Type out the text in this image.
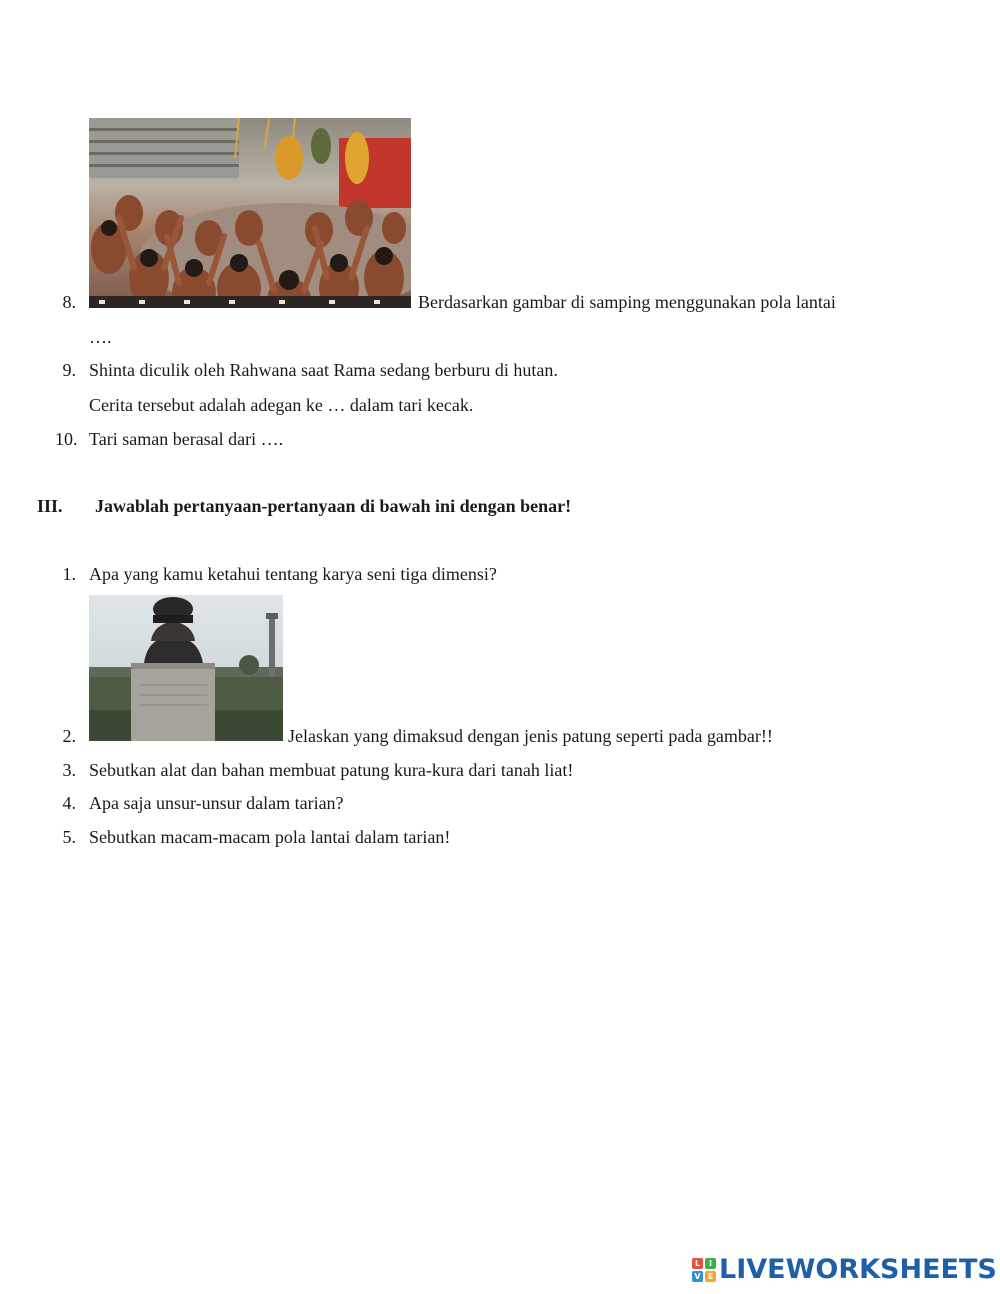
8.	Berdasarkan gambar di samping menggunakan pola lantai
….
9. Shinta diculik oleh Rahwana saat Rama sedang berburu di hutan.
Cerita tersebut adalah adegan ke … dalam tari kecak.
10. Tari saman berasal dari ….
III. Jawablah pertanyaan-pertanyaan di bawah ini dengan benar!
1. Apa yang kamu ketahui tentang karya seni tiga dimensi?
2.	Jelaskan yang dimaksud dengan jenis patung seperti pada gambar!!
3. Sebutkan alat dan bahan membuat patung kura-kura dari tanah liat!
4. Apa saja unsur-unsur dalam tarian?
5. Sebutkan macam-macam pola lantai dalam tarian!
L	I
V E LIVEWORKSHEETS
